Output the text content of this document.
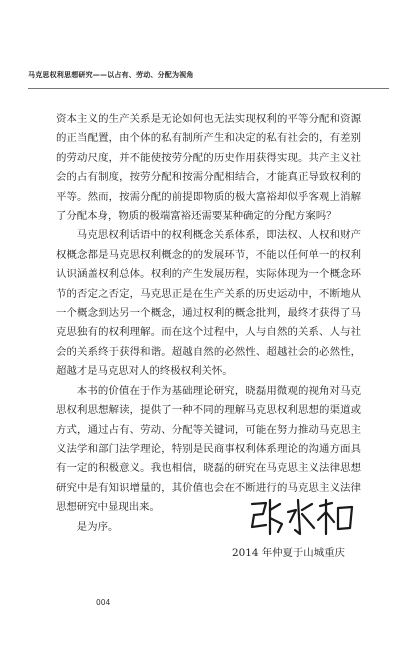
马克思权利思想研究——以占有、劳动、分配为视角

资本主义的生产关系是无论如何也无法实现权利的平等分配和资源的正当配置，由个体的私有制所产生和决定的私有社会的，有差别的劳动尺度，并不能使按劳分配的历史作用获得实现。共产主义社会的占有制度，按劳分配和按需分配相结合，才能真正导致权利的平等。然而，按需分配的前提即物质的极大富裕却似乎客观上消解了分配本身，物质的极端富裕还需要某种确定的分配方案吗？

马克思权利话语中的权利概念关系体系，即法权、人权和财产权概念都是马克思权利概念的的发展环节，不能以任何单一的权利认识涵盖权利总体。权利的产生发展历程，实际体现为一个概念环节的否定之否定，马克思正是在生产关系的历史运动中，不断地从一个概念到达另一个概念，通过权利的概念批判，最终才获得了马克思独有的权利理解。而在这个过程中，人与自然的关系、人与社会的关系终于获得和谐。超越自然的必然性、超越社会的必然性，超越才是马克思对人的终极权利关怀。

本书的价值在于作为基础理论研究，晓磊用微观的视角对马克思权利思想解读，提供了一种不同的理解马克思权利思想的渠道或方式，通过占有、劳动、分配等关键词，可能在努力推动马克思主义法学和部门法学理论，特别是民商事权利体系理论的沟通方面具有一定的积极意义。我也相信，晓磊的研究在马克思主义法律思想研究中是有知识增量的，其价值也会在不断进行的马克思主义法律思想研究中显现出来。

是为序。

2014 年仲夏于山城重庆
004
